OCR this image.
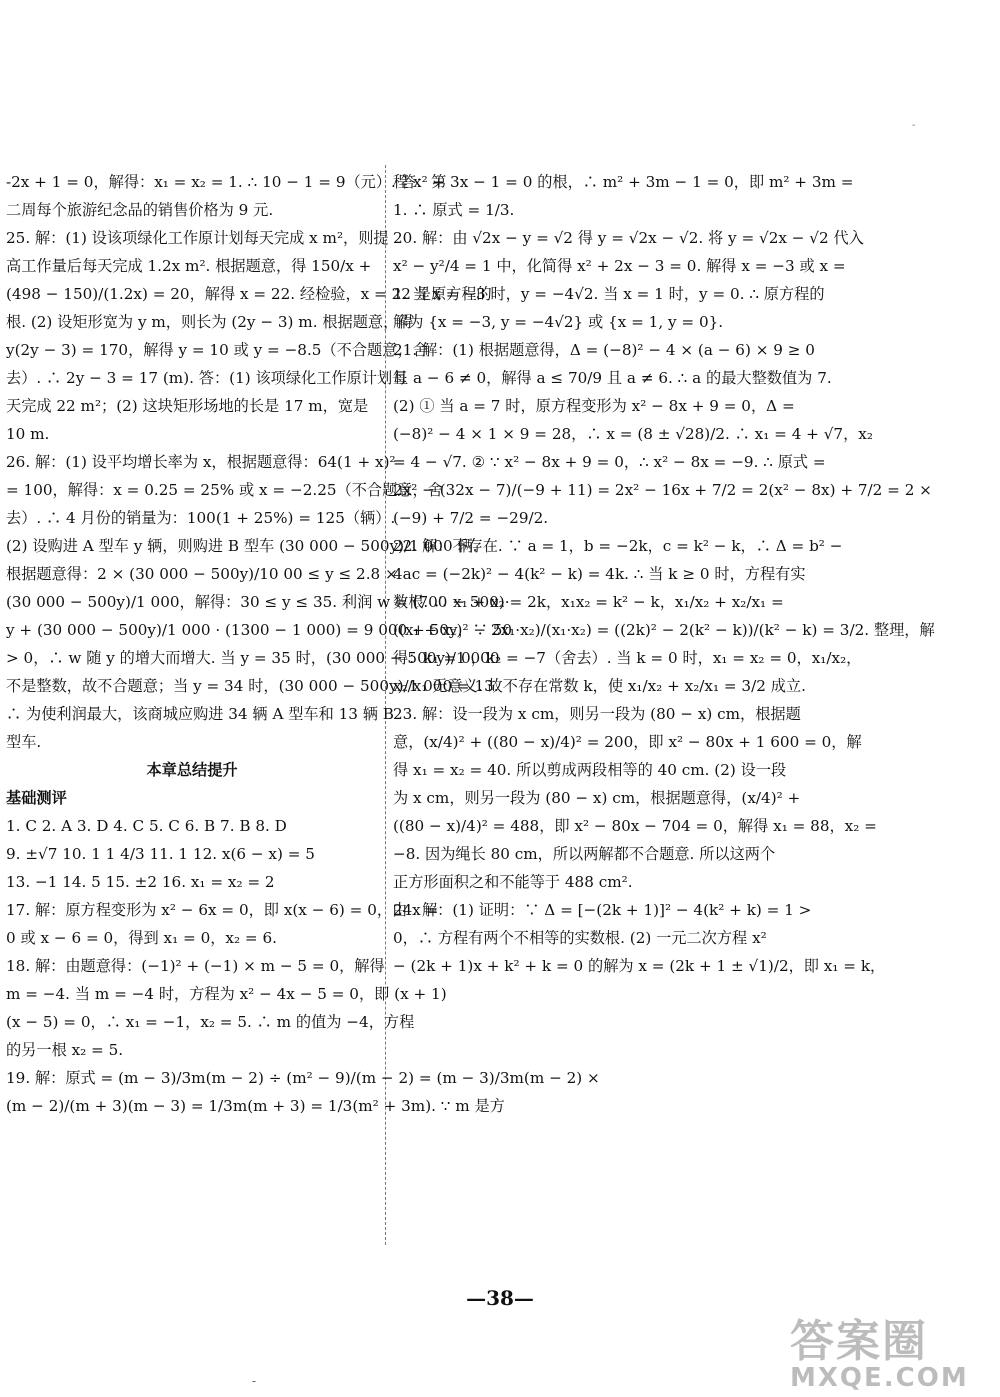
-
-2x + 1 = 0，解得：x₁ = x₂ = 1. ∴ 10 − 1 = 9（元）. 答：第
二周每个旅游纪念品的销售价格为 9 元.
25. 解：(1) 设该项绿化工作原计划每天完成 x m²，则提
高工作量后每天完成 1.2x m². 根据题意，得 150/x +
(498 − 150)/(1.2x) = 20，解得 x = 22. 经检验，x = 22 是原方程的
根. (2) 设矩形宽为 y m，则长为 (2y − 3) m. 根据题意，得
y(2y − 3) = 170，解得 y = 10 或 y = −8.5（不合题意，舍
去）. ∴ 2y − 3 = 17 (m). 答：(1) 该项绿化工作原计划每
天完成 22 m²；(2) 这块矩形场地的长是 17 m，宽是
10 m.
26. 解：(1) 设平均增长率为 x，根据题意得：64(1 + x)²
= 100，解得：x = 0.25 = 25% 或 x = −2.25（不合题意，舍
去）. ∴ 4 月份的销量为：100(1 + 25%) = 125（辆）.
(2) 设购进 A 型车 y 辆，则购进 B 型车 (30 000 − 500y)/1 000 辆.
根据题意得：2 × (30 000 − 500y)/10 00 ≤ y ≤ 2.8 ×
(30 000 − 500y)/1 000，解得：30 ≤ y ≤ 35. 利润 w = (700 − 500)·
y + (30 000 − 500y)/1 000 · (1300 − 1 000) = 9 000 + 50y，∵ 50
> 0，∴ w 随 y 的增大而增大. 当 y = 35 时，(30 000 − 500y)/1 000
不是整数，故不合题意；当 y = 34 时，(30 000 − 500y)/1 000 = 13.
∴ 为使利润最大，该商城应购进 34 辆 A 型车和 13 辆 B
型车.
本章总结提升
基础测评
1. C 2. A 3. D 4. C 5. C 6. B 7. B 8. D
9. ±√7 10. 1 1 4/3 11. 1 12. x(6 − x) = 5
13. −1 14. 5 15. ±2 16. x₁ = x₂ = 2
17. 解：原方程变形为 x² − 6x = 0，即 x(x − 6) = 0，由 x =
0 或 x − 6 = 0，得到 x₁ = 0，x₂ = 6.
18. 解：由题意得：(−1)² + (−1) × m − 5 = 0，解得
m = −4. 当 m = −4 时，方程为 x² − 4x − 5 = 0，即 (x + 1)
(x − 5) = 0，∴ x₁ = −1，x₂ = 5. ∴ m 的值为 −4，方程
的另一根 x₂ = 5.
19. 解：原式 = (m − 3)/3m(m − 2) ÷ (m² − 9)/(m − 2) = (m − 3)/3m(m − 2) ×
(m − 2)/(m + 3)(m − 3) = 1/3m(m + 3) = 1/3(m² + 3m). ∵ m 是方
程 x² + 3x − 1 = 0 的根，∴ m² + 3m − 1 = 0，即 m² + 3m =
1. ∴ 原式 = 1/3.
20. 解：由 √2x − y = √2 得 y = √2x − √2. 将 y = √2x − √2 代入
x² − y²/4 = 1 中，化简得 x² + 2x − 3 = 0. 解得 x = −3 或 x =
1. 当 x = −3 时，y = −4√2. 当 x = 1 时，y = 0. ∴ 原方程的
解为 {x = −3, y = −4√2} 或 {x = 1, y = 0}.
21. 解：(1) 根据题意得，Δ = (−8)² − 4 × (a − 6) × 9 ≥ 0
且 a − 6 ≠ 0，解得 a ≤ 70/9 且 a ≠ 6. ∴ a 的最大整数值为 7.
(2) ① 当 a = 7 时，原方程变形为 x² − 8x + 9 = 0，Δ =
(−8)² − 4 × 1 × 9 = 28，∴ x = (8 ± √28)/2. ∴ x₁ = 4 + √7，x₂
= 4 − √7. ② ∵ x² − 8x + 9 = 0，∴ x² − 8x = −9. ∴ 原式 =
2x² − (32x − 7)/(−9 + 11) = 2x² − 16x + 7/2 = 2(x² − 8x) + 7/2 = 2 ×
(−9) + 7/2 = −29/2.
22. 解：不存在. ∵ a = 1，b = −2k，c = k² − k，∴ Δ = b² −
4ac = (−2k)² − 4(k² − k) = 4k. ∴ 当 k ≥ 0 时，方程有实
数根. ∴ x₁ + x₂ = 2k，x₁x₂ = k² − k，x₁/x₂ + x₂/x₁ =
((x₁ + x₂)² − 2x₁·x₂)/(x₁·x₂) = ((2k)² − 2(k² − k))/(k² − k) = 3/2. 整理，解
得：k₁ = 0，k₂ = −7（舍去）. 当 k = 0 时，x₁ = x₂ = 0，x₁/x₂，
x₂/x₁ 无意义. 故不存在常数 k，使 x₁/x₂ + x₂/x₁ = 3/2 成立.
23. 解：设一段为 x cm，则另一段为 (80 − x) cm，根据题
意，(x/4)² + ((80 − x)/4)² = 200，即 x² − 80x + 1 600 = 0，解
得 x₁ = x₂ = 40. 所以剪成两段相等的 40 cm. (2) 设一段
为 x cm，则另一段为 (80 − x) cm，根据题意得，(x/4)² +
((80 − x)/4)² = 488，即 x² − 80x − 704 = 0，解得 x₁ = 88，x₂ =
−8. 因为绳长 80 cm，所以两解都不合题意. 所以这两个
正方形面积之和不能等于 488 cm².
24. 解：(1) 证明：∵ Δ = [−(2k + 1)]² − 4(k² + k) = 1 >
0，∴ 方程有两个不相等的实数根. (2) 一元二次方程 x²
− (2k + 1)x + k² + k = 0 的解为 x = (2k + 1 ± √1)/2，即 x₁ = k，
—38—
-
答案圈
MXQE.COM
